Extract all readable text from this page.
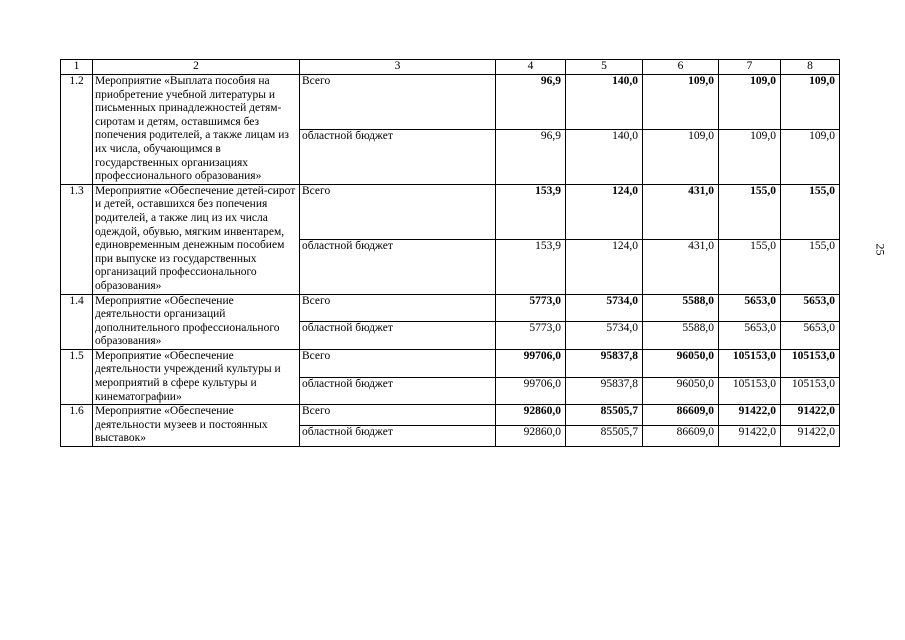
1	2	3	4	5	6	7	8
1.2	Мероприятие «Выплата пособия на приобретение учебной литературы и письменных принадлежностей детям-сиротам и детям, оставшимся без попечения родителей, а также лицам из их числа, обучающимся в государственных организациях профессионального образования»	Всего	96,9	140,0	109,0	109,0	109,0
		областной бюджет	96,9	140,0	109,0	109,0	109,0
1.3	Мероприятие «Обеспечение детей-сирот и детей, оставшихся без попечения родителей, а также лиц из их числа одеждой, обувью, мягким инвентарем, единовременным денежным пособием при выпуске из государственных организаций профессионального образования»	Всего	153,9	124,0	431,0	155,0	155,0
		областной бюджет	153,9	124,0	431,0	155,0	155,0
1.4	Мероприятие «Обеспечение деятельности организаций дополнительного профессионального образования»	Всего	5773,0	5734,0	5588,0	5653,0	5653,0
		областной бюджет	5773,0	5734,0	5588,0	5653,0	5653,0
1.5	Мероприятие «Обеспечение деятельности учреждений культуры и мероприятий в сфере культуры и кинематографии»	Всего	99706,0	95837,8	96050,0	105153,0	105153,0
		областной бюджет	99706,0	95837,8	96050,0	105153,0	105153,0
1.6	Мероприятие «Обеспечение деятельности музеев и постоянных выставок»	Всего	92860,0	85505,7	86609,0	91422,0	91422,0
		областной бюджет	92860,0	85505,7	86609,0	91422,0	91422,0
25
